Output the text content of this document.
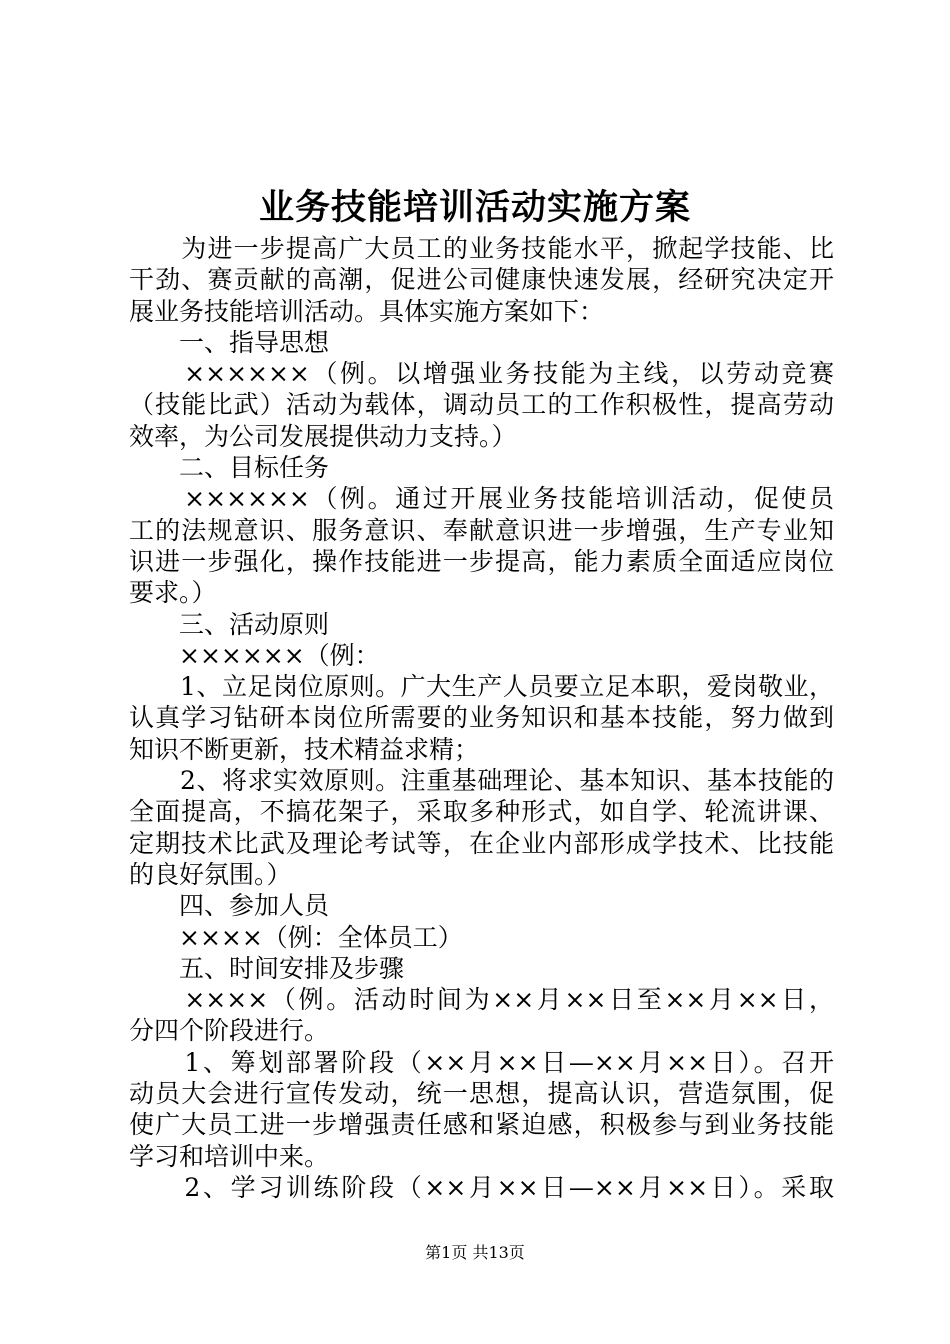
业务技能培训活动实施方案
　　为进一步提高广大员工的业务技能水平，掀起学技能、比
干劲、赛贡献的高潮，促进公司健康快速发展，经研究决定开
展业务技能培训活动。具体实施方案如下：
　　一、指导思想
　　××××××（例。以增强业务技能为主线，以劳动竞赛
（技能比武）活动为载体，调动员工的工作积极性，提高劳动
效率，为公司发展提供动力支持。）
　　二、目标任务
　　××××××（例。通过开展业务技能培训活动，促使员
工的法规意识、服务意识、奉献意识进一步增强，生产专业知
识进一步强化，操作技能进一步提高，能力素质全面适应岗位
要求。）
　　三、活动原则
　　××××××（例：
　　1、立足岗位原则。广大生产人员要立足本职，爱岗敬业，
认真学习钻研本岗位所需要的业务知识和基本技能，努力做到
知识不断更新，技术精益求精；
　　2、将求实效原则。注重基础理论、基本知识、基本技能的
全面提高，不搞花架子，采取多种形式，如自学、轮流讲课、
定期技术比武及理论考试等，在企业内部形成学技术、比技能
的良好氛围。）
　　四、参加人员
　　××××（例：全体员工）
　　五、时间安排及步骤
　　××××（例。活动时间为××月××日至××月××日，
分四个阶段进行。
　　1、筹划部署阶段（××月××日—××月××日）。召开
动员大会进行宣传发动，统一思想，提高认识，营造氛围，促
使广大员工进一步增强责任感和紧迫感，积极参与到业务技能
学习和培训中来。
　　2、学习训练阶段（××月××日—××月××日）。采取
第1页 共13页
